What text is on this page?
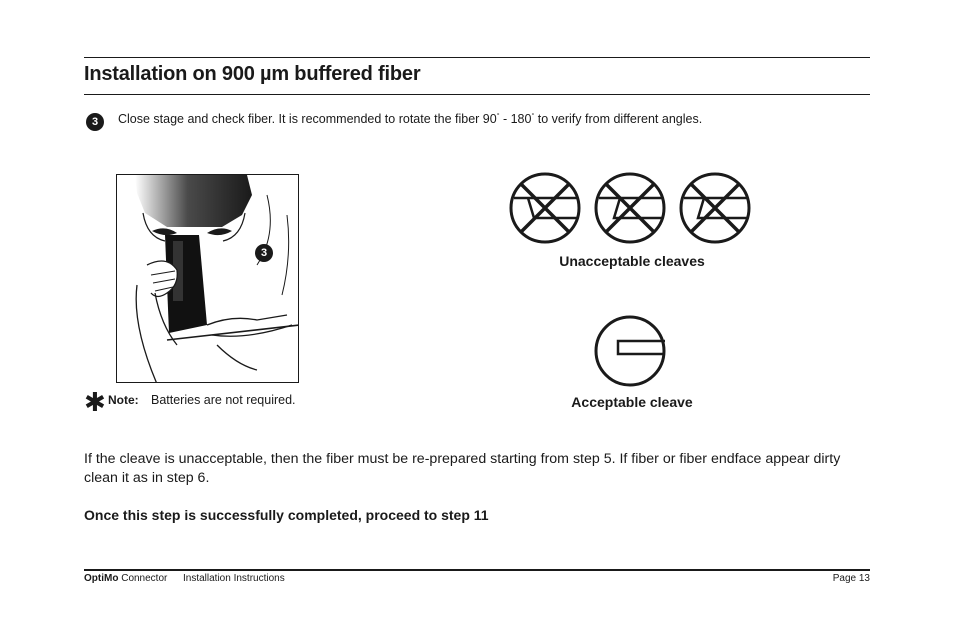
Installation on 900 µm buffered fiber
3	Close stage and check fiber. It is recommended to rotate the fiber 90° - 180° to verify from different angles.
3
✱ Note: Batteries are not required.
Unacceptable cleaves
Acceptable cleave
If the cleave is unacceptable, then the fiber must be re-prepared starting from step 5. If fiber or fiber endface appear dirty clean it as in step 6.
Once this step is successfully completed, proceed to step 11
OptiMo Connector Installation Instructions	Page 13
